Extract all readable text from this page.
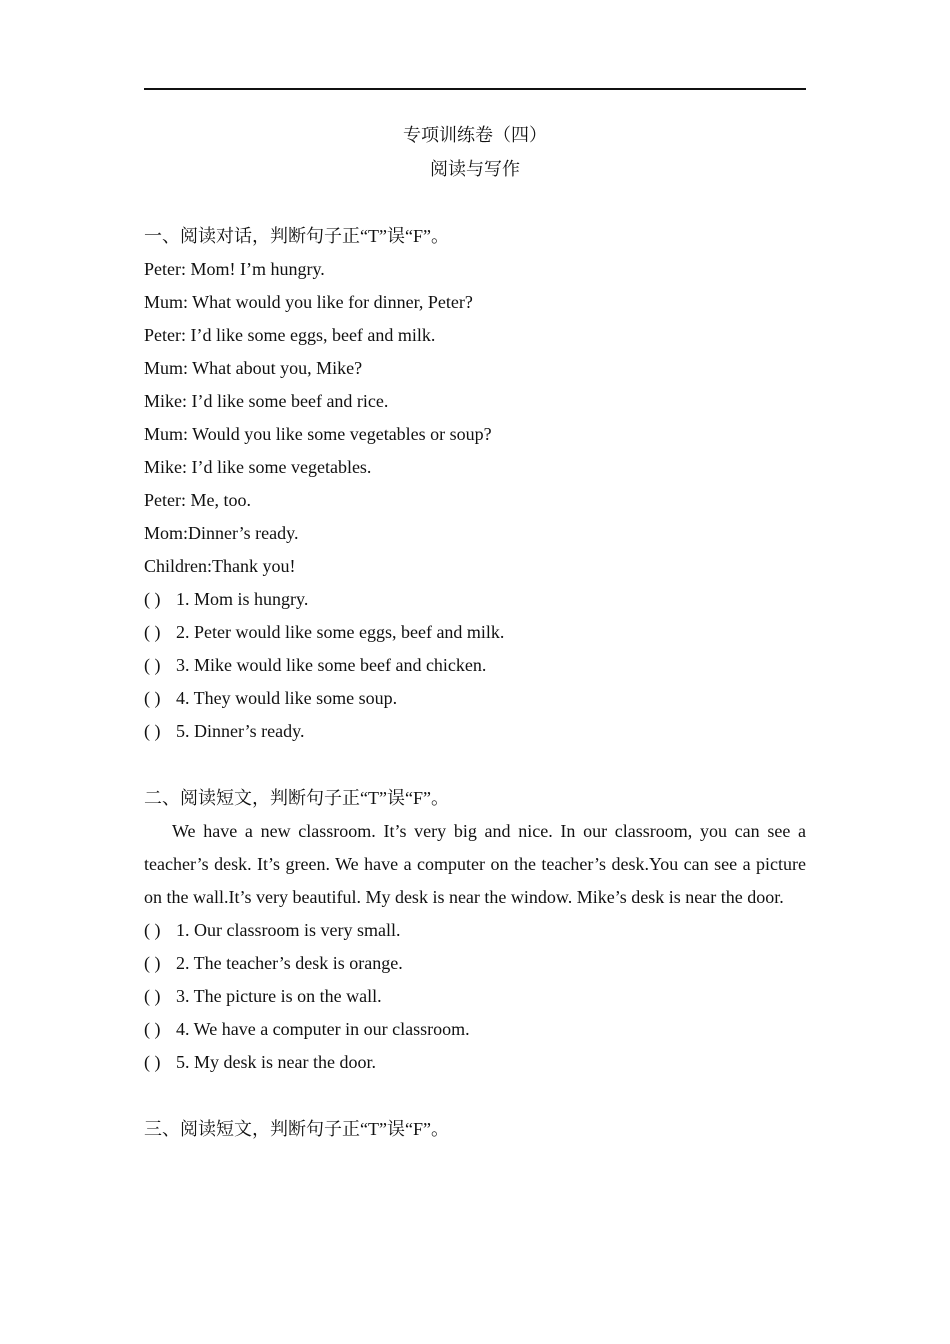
专项训练卷（四）
阅读与写作
一、阅读对话，判断句子正“T”误“F”。
Peter: Mom! I’m hungry.
Mum: What would you like for dinner, Peter?
Peter: I’d like some eggs, beef and milk.
Mum: What about you, Mike?
Mike: I’d like some beef and rice.
Mum: Would you like some vegetables or soup?
Mike: I’d like some vegetables.
Peter: Me, too.
Mom:Dinner’s ready.
Children:Thank you!
( ) 1. Mom is hungry.
( ) 2. Peter would like some eggs, beef and milk.
( ) 3. Mike would like some beef and chicken.
( ) 4. They would like some soup.
( ) 5. Dinner’s ready.
二、阅读短文，判断句子正“T”误“F”。
We have a new classroom. It’s very big and nice. In our classroom, you can see a teacher’s desk. It’s green. We have a computer on the teacher’s desk.You can see a picture on the wall.It’s very beautiful. My desk is near the window. Mike’s desk is near the door.
( ) 1. Our classroom is very small.
( ) 2. The teacher’s desk is orange.
( ) 3. The picture is on the wall.
( ) 4. We have a computer in our classroom.
( ) 5. My desk is near the door.
三、阅读短文，判断句子正“T”误“F”。
